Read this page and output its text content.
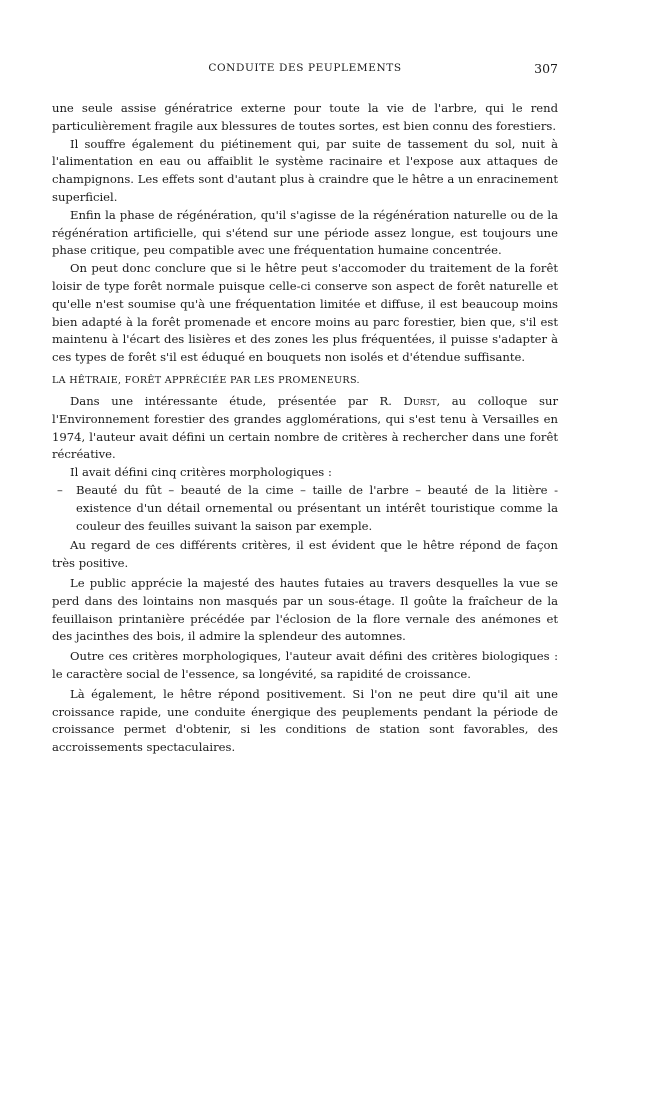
CONDUITE DES PEUPLEMENTS	307

une seule assise génératrice externe pour toute la vie de l'arbre, qui le rend particulièrement fragile aux blessures de toutes sortes, est bien connu des forestiers.

Il souffre également du piétinement qui, par suite de tassement du sol, nuit à l'alimentation en eau ou affaiblit le système racinaire et l'expose aux attaques de champignons. Les effets sont d'autant plus à craindre que le hêtre a un enracinement superficiel.

Enfin la phase de régénération, qu'il s'agisse de la régénération naturelle ou de la régénération artificielle, qui s'étend sur une période assez longue, est toujours une phase critique, peu compatible avec une fréquentation humaine concentrée.

On peut donc conclure que si le hêtre peut s'accomoder du traitement de la forêt loisir de type forêt normale puisque celle-ci conserve son aspect de forêt naturelle et qu'elle n'est soumise qu'à une fréquentation limitée et diffuse, il est beaucoup moins bien adapté à la forêt promenade et encore moins au parc forestier, bien que, s'il est maintenu à l'écart des lisières et des zones les plus fréquentées, il puisse s'adapter à ces types de forêt s'il est éduqué en bouquets non isolés et d'étendue suffisante.

LA HÊTRAIE, FORÊT APPRÉCIÉE PAR LES PROMENEURS.

Dans une intéressante étude, présentée par R. Durst, au colloque sur l'Environnement forestier des grandes agglomérations, qui s'est tenu à Versailles en 1974, l'auteur avait défini un certain nombre de critères à rechercher dans une forêt récréative.

Il avait défini cinq critères morphologiques :

– Beauté du fût – beauté de la cime – taille de l'arbre – beauté de la litière - existence d'un détail ornemental ou présentant un intérêt touristique comme la couleur des feuilles suivant la saison par exemple.

Au regard de ces différents critères, il est évident que le hêtre répond de façon très positive.

Le public apprécie la majesté des hautes futaies au travers desquelles la vue se perd dans des lointains non masqués par un sous-étage. Il goûte la fraîcheur de la feuillaison printanière précédée par l'éclosion de la flore vernale des anémones et des jacinthes des bois, il admire la splendeur des automnes.

Outre ces critères morphologiques, l'auteur avait défini des critères biologiques : le caractère social de l'essence, sa longévité, sa rapidité de croissance.

Là également, le hêtre répond positivement. Si l'on ne peut dire qu'il ait une croissance rapide, une conduite énergique des peuplements pendant la période de croissance permet d'obtenir, si les conditions de station sont favorables, des accroissements spectaculaires.
